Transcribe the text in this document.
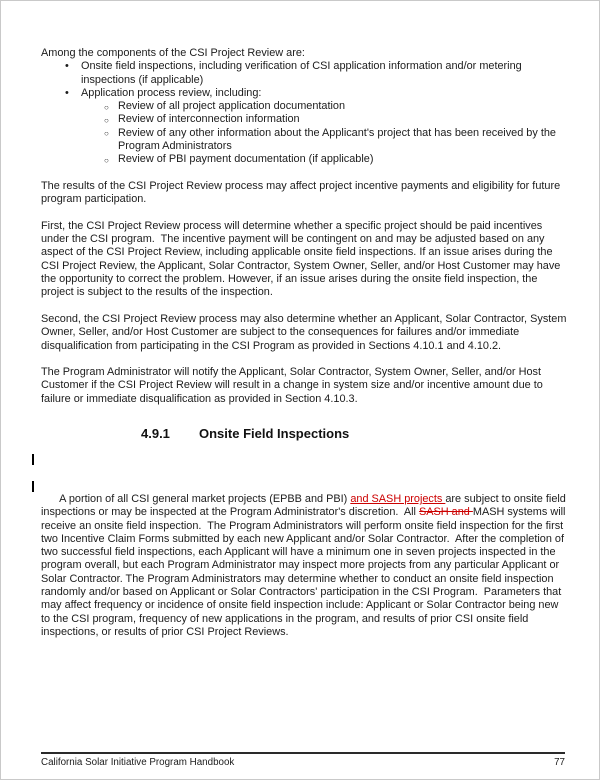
Among the components of the CSI Project Review are:

• Onsite field inspections, including verification of CSI application information and/or metering inspections (if applicable)
• Application process review, including:
○ Review of all project application documentation
○ Review of interconnection information
○ Review of any other information about the Applicant's project that has been received by the Program Administrators
○ Review of PBI payment documentation (if applicable)

The results of the CSI Project Review process may affect project incentive payments and eligibility for future program participation.

First, the CSI Project Review process will determine whether a specific project should be paid incentives under the CSI program.  The incentive payment will be contingent on and may be adjusted based on any aspect of the CSI Project Review, including applicable onsite field inspections. If an issue arises during the CSI Project Review, the Applicant, Solar Contractor, System Owner, Seller, and/or Host Customer may have the opportunity to correct the problem. However, if an issue arises during the onsite field inspection, the project is subject to the results of the inspection.

Second, the CSI Project Review process may also determine whether an Applicant, Solar Contractor, System Owner, Seller, and/or Host Customer are subject to the consequences for failures and/or immediate disqualification from participating in the CSI Program as provided in Sections 4.10.1 and 4.10.2.

The Program Administrator will notify the Applicant, Solar Contractor, System Owner, Seller, and/or Host Customer if the CSI Project Review will result in a change in system size and/or incentive amount due to failure or immediate disqualification as provided in Section 4.10.3.

4.9.1	Onsite Field Inspections

A portion of all CSI general market projects (EPBB and PBI) and SASH projects are subject to onsite field inspections or may be inspected at the Program Administrator's discretion.  All SASH and MASH systems will receive an onsite field inspection.  The Program Administrators will perform onsite field inspection for the first two Incentive Claim Forms submitted by each new Applicant and/or Solar Contractor.  After the completion of two successful field inspections, each Applicant will have a minimum one in seven projects inspected in the program overall, but each Program Administrator may inspect more projects from any particular Applicant or Solar Contractor. The Program Administrators may determine whether to conduct an onsite field inspection randomly and/or based on Applicant or Solar Contractors' participation in the CSI Program.  Parameters that may affect frequency or incidence of onsite field inspection include: Applicant or Solar Contractor being new to the CSI program, frequency of new applications in the program, and results of prior CSI onsite field inspections, or results of prior CSI Project Reviews.

California Solar Initiative Program Handbook	77
